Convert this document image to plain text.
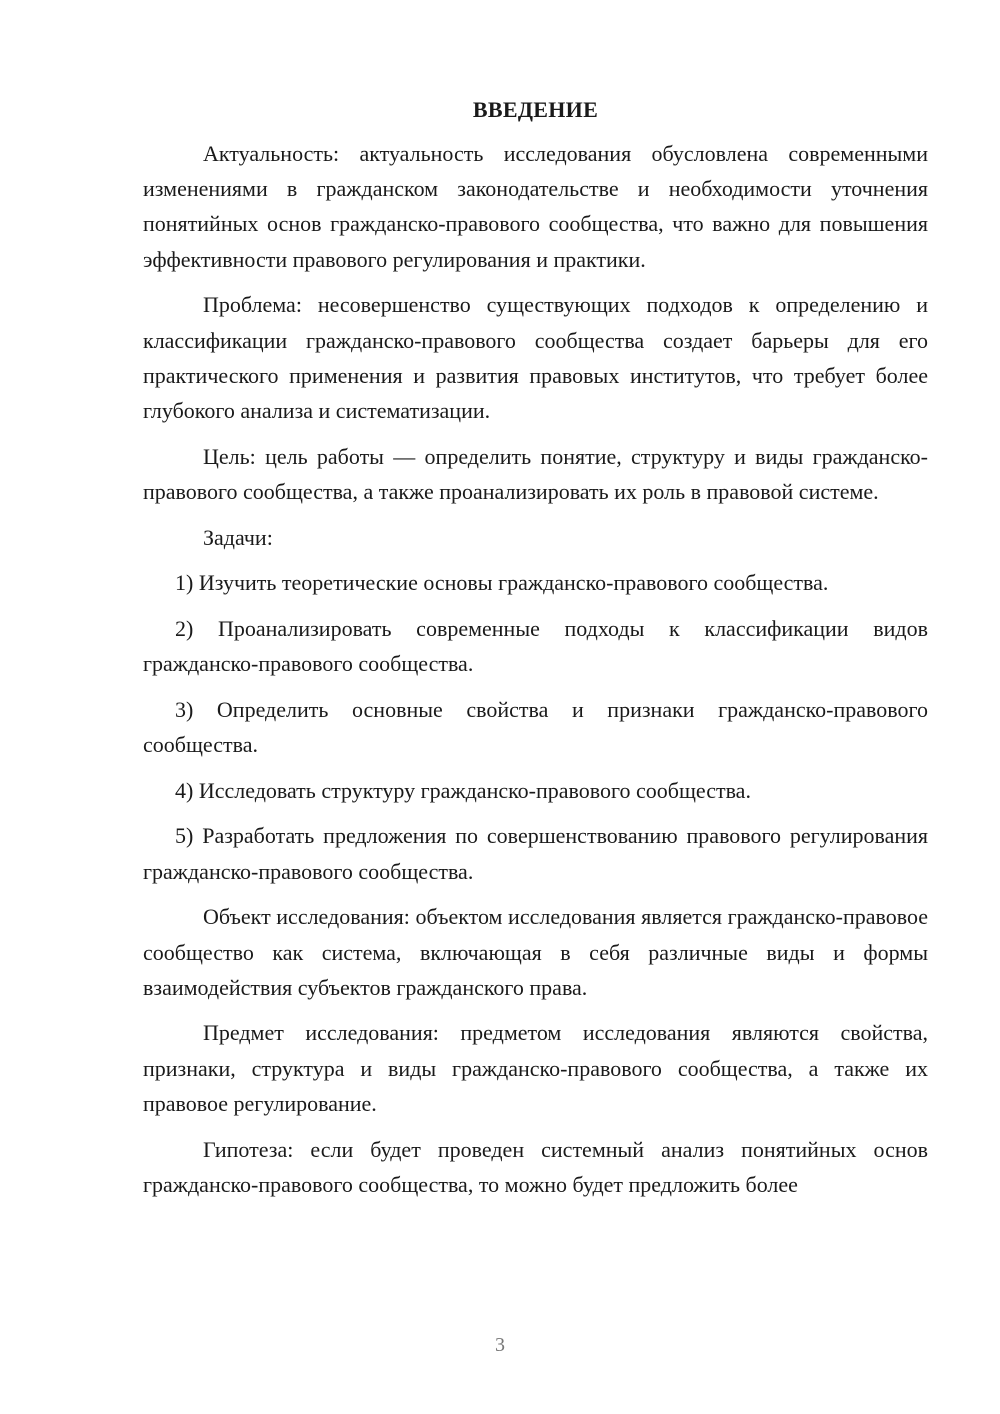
ВВЕДЕНИЕ

Актуальность: актуальность исследования обусловлена современными изменениями в гражданском законодательстве и необходимости уточнения понятийных основ гражданско-правового сообщества, что важно для повышения эффективности правового регулирования и практики.

Проблема: несовершенство существующих подходов к определению и классификации гражданско-правового сообщества создает барьеры для его практического применения и развития правовых институтов, что требует более глубокого анализа и систематизации.

Цель: цель работы — определить понятие, структуру и виды гражданско-правового сообщества, а также проанализировать их роль в правовой системе.

Задачи:

1) Изучить теоретические основы гражданско-правового сообщества.

2) Проанализировать современные подходы к классификации видов гражданско-правового сообщества.

3) Определить основные свойства и признаки гражданско-правового сообщества.

4) Исследовать структуру гражданско-правового сообщества.

5) Разработать предложения по совершенствованию правового регулирования гражданско-правового сообщества.

Объект исследования: объектом исследования является гражданско-правовое сообщество как система, включающая в себя различные виды и формы взаимодействия субъектов гражданского права.

Предмет исследования: предметом исследования являются свойства, признаки, структура и виды гражданско-правового сообщества, а также их правовое регулирование.

Гипотеза: если будет проведен системный анализ понятийных основ гражданско-правового сообщества, то можно будет предложить более

3
